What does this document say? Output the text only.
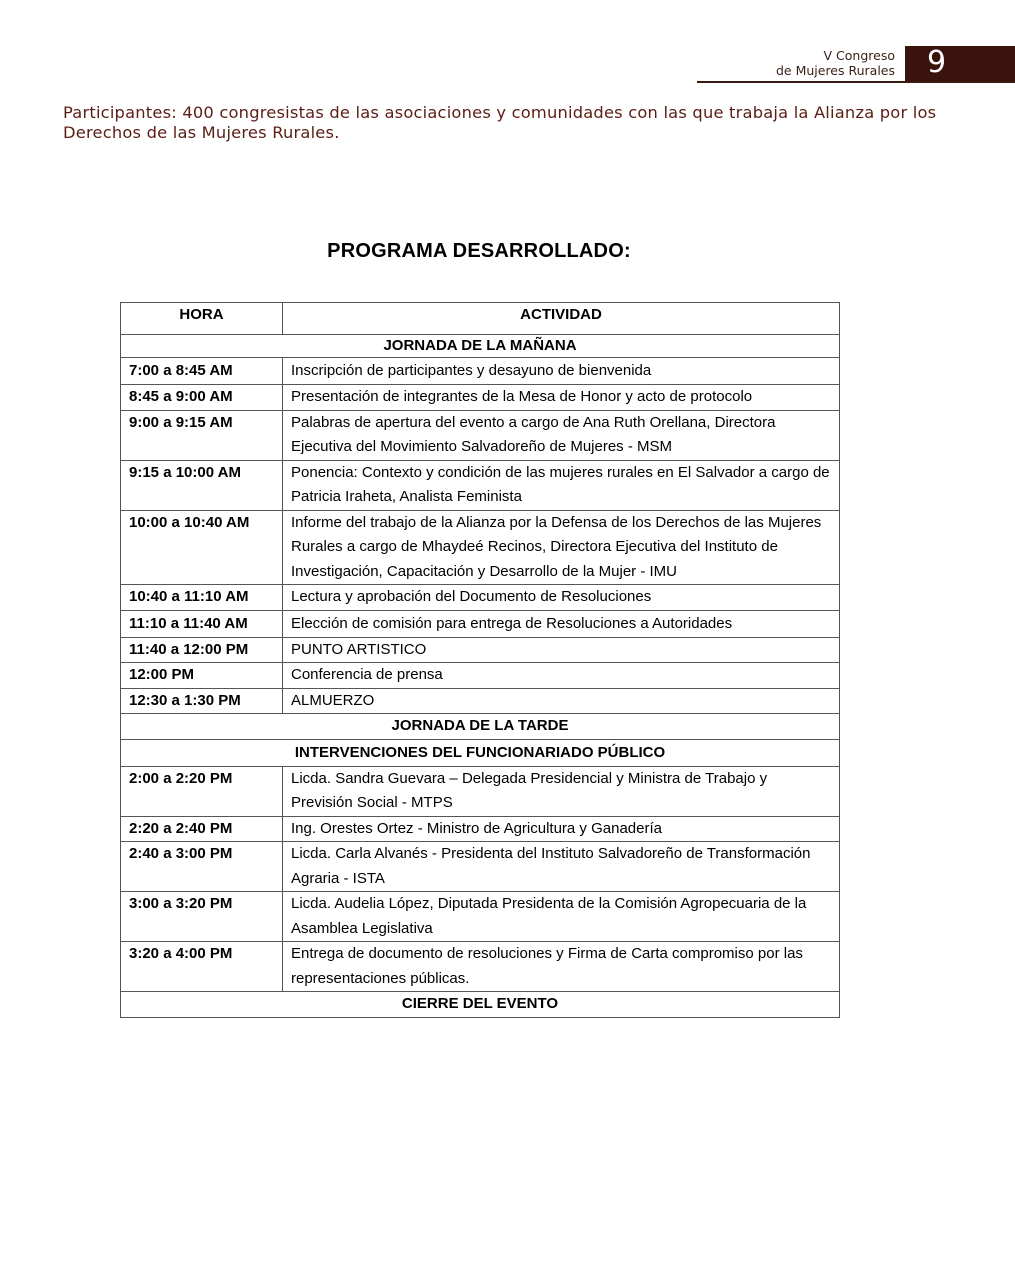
V Congreso
de Mujeres Rurales	9
Participantes: 400 congresistas de las asociaciones y comunidades con las que trabaja la Alianza por los Derechos de las Mujeres Rurales.
PROGRAMA DESARROLLADO:
HORA	ACTIVIDAD
JORNADA DE LA MAÑANA	
7:00 a 8:45 AM	Inscripción de participantes y desayuno de bienvenida
8:45 a 9:00 AM	Presentación de integrantes de la Mesa de Honor y acto de protocolo
9:00 a 9:15 AM	Palabras de apertura del evento a cargo de Ana Ruth Orellana, Directora Ejecutiva del Movimiento Salvadoreño de Mujeres - MSM
9:15 a 10:00 AM	Ponencia: Contexto y condición de las mujeres rurales en El Salvador a cargo de Patricia Iraheta, Analista Feminista
10:00 a 10:40 AM	Informe del trabajo de la Alianza por la Defensa de los Derechos de las Mujeres Rurales a cargo de Mhaydeé Recinos, Directora Ejecutiva del Instituto de Investigación, Capacitación y Desarrollo de la Mujer - IMU
10:40 a 11:10 AM	Lectura y aprobación del Documento de Resoluciones
11:10 a 11:40 AM	Elección de comisión para entrega de Resoluciones a Autoridades
11:40 a 12:00 PM	PUNTO ARTISTICO
12:00 PM	Conferencia de prensa
12:30 a 1:30 PM	ALMUERZO
JORNADA DE LA TARDE	
INTERVENCIONES DEL FUNCIONARIADO PÚBLICO	
2:00 a 2:20 PM	Licda. Sandra Guevara – Delegada Presidencial y Ministra de Trabajo y Previsión Social - MTPS
2:20 a 2:40 PM	Ing. Orestes Ortez - Ministro de Agricultura y Ganadería
2:40 a 3:00 PM	Licda. Carla Alvanés - Presidenta del Instituto Salvadoreño de Transformación Agraria - ISTA
3:00 a 3:20 PM	Licda. Audelia López, Diputada Presidenta de la Comisión Agropecuaria de la Asamblea Legislativa
3:20 a 4:00 PM	Entrega de documento de resoluciones y Firma de Carta compromiso por las representaciones públicas.
CIERRE DEL EVENTO	
